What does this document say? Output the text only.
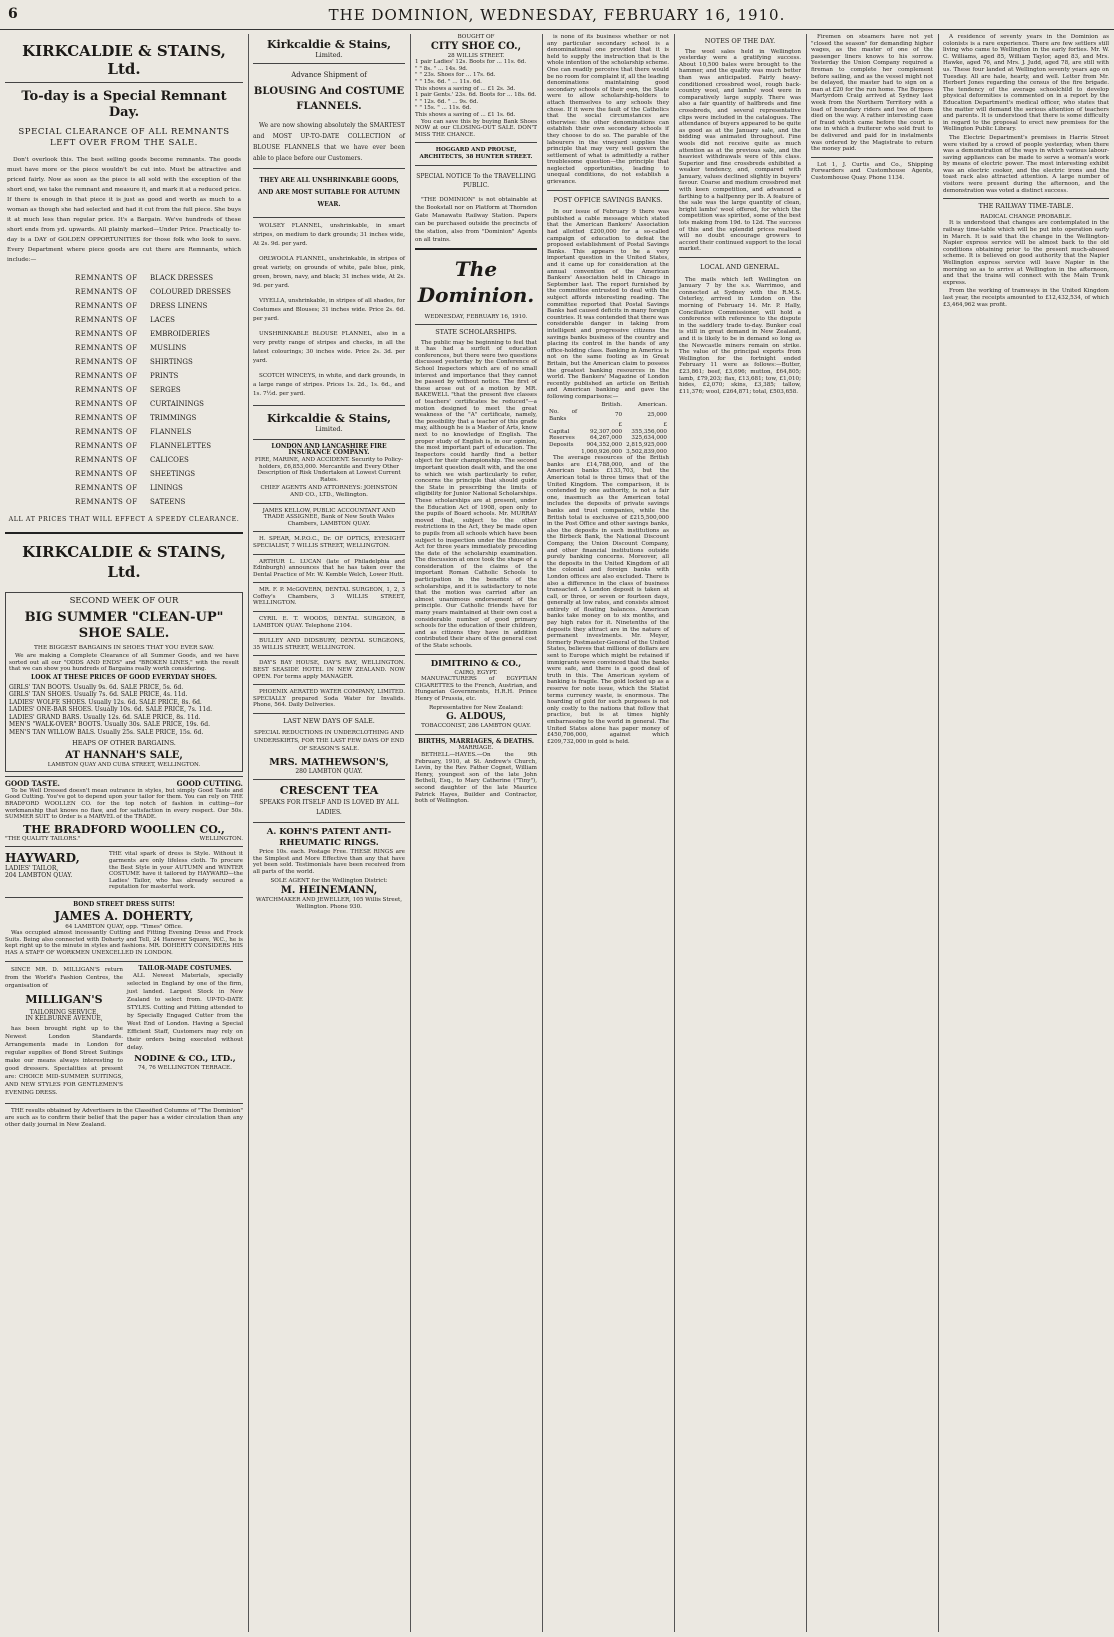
6	THE DOMINION, WEDNESDAY, FEBRUARY 16, 1910.
KIRKCALDIE & STAINS, Ltd.
To-day is a Special Remnant Day.
SPECIAL CLEARANCE OF ALL REMNANTS LEFT OVER FROM THE SALE.

Don't overlook this. The best selling goods become remnants. The goods must have more or the piece wouldn't be cut into. Must be attractive and priced fairly. Now as soon as the piece is all sold with the exception of the short end, we take the remnant and measure it, and mark it at a reduced price. If there is enough in that piece it is just as good and worth as much to a woman as though she had selected and had it cut from the full piece. She buys it at much less than regular price. It's a Bargain. We've hundreds of these short ends from yd. upwards. All plainly marked—Under Price. Practically to-day is a DAY of GOLDEN OPPORTUNITIES for those folk who look to save. Every Department where piece goods are cut there are Remnants, which include:—

REMNANTS OF	BLACK DRESSES
REMNANTS OF	COLOURED DRESSES
REMNANTS OF	DRESS LINENS
REMNANTS OF	LACES
REMNANTS OF	EMBROIDERIES
REMNANTS OF	MUSLINS
REMNANTS OF	SHIRTINGS
REMNANTS OF	PRINTS
REMNANTS OF	SERGES
REMNANTS OF	CURTAININGS
REMNANTS OF	TRIMMINGS
REMNANTS OF	FLANNELS
REMNANTS OF	FLANNELETTES
REMNANTS OF	CALICOES
REMNANTS OF	SHEETINGS
REMNANTS OF	LININGS
REMNANTS OF	SATEENS
ALL AT PRICES THAT WILL EFFECT A SPEEDY CLEARANCE.
KIRKCALDIE & STAINS, Ltd.
SECOND WEEK OF OUR
BIG SUMMER "CLEAN-UP" SHOE SALE.
THE BIGGEST BARGAINS IN SHOES THAT YOU EVER SAW.

We are making a Complete Clearance of all Summer Goods, and we have sorted out all our "ODDS AND ENDS" and "BROKEN LINES," with the result that we can show you hundreds of Bargains really worth considering.

LOOK AT THESE PRICES OF GOOD EVERYDAY SHOES.
GIRLS' TAN BOOTS. Usually 9s. 6d. SALE PRICE, 5s. 6d.
GIRLS' TAN SHOES. Usually 7s. 6d. SALE PRICE, 4s. 11d.
LADIES' WOLFE SHOES. Usually 12s. 6d. SALE PRICE, 8s. 6d.
LADIES' ONE-BAR SHOES. Usually 10s. 6d. SALE PRICE, 7s. 11d.
LADIES' GRAND BARS. Usually 12s. 6d. SALE PRICE, 8s. 11d.
MEN'S "WALK-OVER" BOOTS. Usually 30s. SALE PRICE, 19s. 6d.
MEN'S TAN WILLOW BALS. Usually 25s. SALE PRICE, 15s. 6d.
HEAPS OF OTHER BARGAINS.
AT HANNAH'S SALE,
LAMBTON QUAY AND CUBA STREET, WELLINGTON.
GOOD TASTE.	GOOD CUTTING.

To be Well Dressed doesn't mean outrance in styles, but simply Good Taste and Good Cutting. You've got to depend upon your tailor for them. You can rely on THE BRADFORD WOOLLEN CO. for the top notch of fashion in cutting—for workmanship that knows no flaw, and for satisfaction in every respect. Our 50s. SUMMER SUIT to Order is a MARVEL of the TRADE.

THE BRADFORD WOOLLEN CO.,
"THE QUALITY TAILORS."	WELLINGTON.
HAYWARD,
LADIES' TAILOR,
204 LAMBTON QUAY.

THE vital spark of dress is Style. Without it garments are only lifeless cloth. To procure the Best Style in your AUTUMN and WINTER COSTUME have it tailored by HAYWARD—the Ladies' Tailor, who has already secured a reputation for masterful work.

BOND STREET DRESS SUITS!
JAMES A. DOHERTY,
64 LAMBTON QUAY, opp. "Times" Office.

Was occupied almost incessantly Cutting and Fitting Evening Dress and Frock Suits. Being also connected with Doherty and Tell, 24 Hanover Square, W.C., he is kept right up to the minute in styles and fashions. MR. DOHERTY CONSIDERS HIS HAS A STAFF OF WORKMEN UNEXCELLED IN LONDON.

SINCE MR. D. MILLIGAN'S return from the World's Fashion Centres, the organisation of

MILLIGAN'S
TAILORING SERVICE,
IN KELBURNE AVENUE,

has been brought right up to the Newest London Standards. Arrangements made in London for regular supplies of Bond Street Suitings make our means always interesting to good dressers. Specialities at present are: CHOICE MID-SUMMER SUITINGS, AND NEW STYLES FOR GENTLEMEN'S EVENING DRESS.

TAILOR-MADE COSTUMES.

ALL Newest Materials, specially selected in England by one of the firm, just landed. Largest Stock in New Zealand to select from. UP-TO-DATE STYLES. Cutting and Fitting attended to by Specially Engaged Cutter from the West End of London. Having a Special Efficient Staff, Customers may rely on their orders being executed without delay.

NODINE & CO., LTD.,
74, 76 WELLINGTON TERRACE.

THE results obtained by Advertisers in the Classified Columns of "The Dominion" are such as to confirm their belief that the paper has a wider circulation than any other daily journal in New Zealand.

Kirkcaldie & Stains,
Limited.
Advance Shipment of
BLOUSING And COSTUME FLANNELS.

We are now showing absolutely the SMARTEST and MOST UP-TO-DATE COLLECTION of BLOUSE FLANNELS that we have ever been able to place before our Customers.

THEY ARE ALL UNSHRINKABLE GOODS, AND ARE MOST SUITABLE FOR AUTUMN WEAR.

WOLSEY FLANNEL, unshrinkable, in smart stripes, on medium to dark grounds; 31 inches wide, At 2s. 9d. per yard.

ORLWOOLA FLANNEL, unshrinkable, in stripes of great variety, on grounds of white, pale blue, pink, green, brown, navy, and black; 31 inches wide, At 2s. 9d. per yard.

VIYELLA, unshrinkable, in stripes of all shades, for Costumes and Blouses; 31 inches wide. Price 2s. 6d. per yard.

UNSHRINKABLE BLOUSE FLANNEL, also in a very pretty range of stripes and checks, in all the latest colourings; 30 inches wide. Price 2s. 3d. per yard.

SCOTCH WINCEYS, in white, and dark grounds, in a large range of stripes. Prices 1s. 2d., 1s. 6d., and 1s. 7½d. per yard.

Kirkcaldie & Stains,
Limited.
LONDON AND LANCASHIRE FIRE INSURANCE COMPANY.

FIRE, MARINE, AND ACCIDENT. Security to Policy-holders, £6,853,000. Mercantile and Every Other Description of Risk Undertaken at Lowest Current Rates.

CHIEF AGENTS AND ATTORNEYS: JOHNSTON AND CO., LTD., Wellington.

JAMES KELLOW, PUBLIC ACCOUNTANT AND TRADE ASSIGNEE, Bank of New South Wales Chambers, LAMBTON QUAY.

H. SPEAR, M.P.O.C., Dr. OF OPTICS, EYESIGHT SPECIALIST, 7 WILLIS STREET, WELLINGTON.

ARTHUR L. LUCAN (late of Philadelphia and Edinburgh) announces that he has taken over the Dental Practice of Mr. W. Kemble Welch, Lower Hutt.

MR. F. P. McGOVERN, DENTAL SURGEON, 1, 2, 3 Coffey's Chambers, 3 WILLIS STREET, WELLINGTON.

CYRIL E. T. WOODS, DENTAL SURGEON, 8 LAMBTON QUAY. Telephone 2104.

BULLEY AND DIDSBURY, DENTAL SURGEONS, 35 WILLIS STREET, WELLINGTON.

DAY'S BAY HOUSE, DAY'S BAY, WELLINGTON. BEST SEASIDE HOTEL IN NEW ZEALAND. NOW OPEN. For terms apply MANAGER.

PHOENIX AERATED WATER COMPANY, LIMITED. SPECIALLY prepared Soda Water for Invalids. Phone, 564. Daily Deliveries.

LAST NEW DAYS OF SALE.

SPECIAL REDUCTIONS IN UNDERCLOTHING AND UNDERSKIRTS, FOR THE LAST FEW DAYS OF END OF SEASON'S SALE.

MRS. MATHEWSON'S,
280 LAMBTON QUAY.
CRESCENT TEA
SPEAKS FOR ITSELF AND IS LOVED BY ALL LADIES.
A. KOHN'S PATENT ANTI-RHEUMATIC RINGS.

Price 10s. each. Postage Free. THESE RINGS are the Simplest and More Effective than any that have yet been sold. Testimonials have been received from all parts of the world.

SOLE AGENT for the Wellington District:
M. HEINEMANN,
WATCHMAKER AND JEWELLER, 105 Willis Street, Wellington. Phone 930.
BOUGHT OF
CITY SHOE CO.,
28 WILLIS STREET.
1 pair Ladies' 12s. Boots for ... 11s. 6d.
" " 8s. " ... 14s. 9d.
" " 23s. Shoes for ... 17s. 6d.
" " 15s. 6d. " ... 11s. 6d.
This shows a saving of ... £1 2s. 3d.
1 pair Gents.' 23s. 6d. Boots for ... 18s. 6d.
" " 12s. 6d. " ... 9s. 6d.
" " 15s. " ... 11s. 6d.
This shows a saving of ... £1 1s. 6d.

You can save this by buying Bank Shoes NOW at our CLOSING-OUT SALE. DON'T MISS THE CHANCE.

HOGGARD AND PROUSE, ARCHITECTS, 38 HUNTER STREET.

SPECIAL NOTICE To the TRAVELLING PUBLIC.

"THE DOMINION" is not obtainable at the Bookstall nor on Platform at Thorndon Gate Manawatu Railway Station. Papers can be purchased outside the precincts of the station, also from "Dominion" Agents on all trains.

The Dominion.
WEDNESDAY, FEBRUARY 16, 1910.
STATE SCHOLARSHIPS.

The public may be beginning to feel that it has had a surfeit of education conferences, but there were two questions discussed yesterday by the Conference of School Inspectors which are of no small interest and importance that they cannot be passed by without notice. The first of these arose out of a motion by MR. BAKEWELL "that the present five classes of teachers' certificates be reduced"—a motion designed to meet the great weakness of the "A" certificate, namely, the possibility that a teacher of this grade may, although he is a Master of Arts, know next to no knowledge of English. The proper study of English is, in our opinion, the most important part of education. The Inspectors could hardly find a better object for their championship. The second important question dealt with, and the one to which we wish particularly to refer, concerns the principle that should guide the State in prescribing the limits of eligibility for Junior National Scholarships. These scholarships are at present, under the Education Act of 1908, open only to the pupils of Board schools. Mr. MURRAY moved that, subject to the other restrictions in the Act, they be made open to pupils from all schools which have been subject to inspection under the Education Act for three years immediately preceding the date of the scholarship examination. The discussion at once took the shape of a consideration of the claims of the important Roman Catholic Schools to participation in the benefits of the scholarships, and it is satisfactory to note that the motion was carried after an almost unanimous endorsement of the principle. Our Catholic friends have for many years maintained at their own cost a considerable number of good primary schools for the education of their children, and as citizens they have in addition contributed their share of the general cost of the State schools.

DIMITRINO & CO.,
CAIRO, EGYPT.

MANUFACTURERS of EGYPTIAN CIGARETTES to the French, Austrian, and Hungarian Governments, H.R.H. Prince Henry of Prussia, etc.

Representative for New Zealand:
G. ALDOUS,
TOBACCONIST, 286 LAMBTON QUAY.
BIRTHS, MARRIAGES, & DEATHS.
MARRIAGE.

BETHELL—HAYES.—On the 9th February, 1910, at St. Andrew's Church, Levin, by the Rev. Father Cognet, William Henry, youngest son of the late John Bethell, Esq., to Mary Catherine ("Tiny"), second daughter of the late Maurice Patrick Hayes, Builder and Contractor, both of Wellington.

is none of its business whether or not any particular secondary school is a denominational one provided that it is held to supply the instruction that is the whole intention of the scholarship scheme. One can readily perceive that there would be no room for complaint if, all the leading denominations maintaining good secondary schools of their own, the State were to allow scholarship-holders to attach themselves to any schools they chose. If it were the fault of the Catholics that the social circumstances are otherwise: the other denominations can establish their own secondary schools if they choose to do so. The parable of the labourers in the vineyard supplies the principle that may very well govern the settlement of what is admittedly a rather troublesome question—the principle that neglected opportunities, leading to unequal conditions, do not establish a grievance.

POST OFFICE SAVINGS BANKS.

In our issue of February 9 there was published a cable message which stated that the American Bankers' Association had allotted £200,000 for a so-called campaign of education to defeat the proposed establishment of Postal Savings Banks. This appears to be a very important question in the United States, and it came up for consideration at the annual convention of the American Bankers' Association held in Chicago in September last. The report furnished by the committee entrusted to deal with the subject affords interesting reading. The committee reported that Postal Savings Banks had caused deficits in many foreign countries. It was contended that there was considerable danger in taking from intelligent and progressive citizens the savings banks business of the country and placing its control in the hands of any office-holding class. Banking in America is not on the same footing as in Great Britain, but the American claim to possess the greatest banking resources in the world. The Bankers' Magazine of London recently published an article on British and American banking and gave the following comparisons:—

	British.	American.
No. of Banks	70	25,000
	£	£
Capital	92,307,000	355,356,000
Reserves	64,267,000	325,634,000
Deposits	904,352,000	2,815,925,000
	1,060,926,000	3,502,839,000

The average resources of the British banks are £14,788,000, and of the American banks £133,703, but the American total is three times that of the United Kingdom. The comparison, it is contended by one authority, is not a fair one, inasmuch as the American total includes the deposits of private savings banks and trust companies, while the British total is exclusive of £215,500,000 in the Post Office and other savings banks, also the deposits in such institutions as the Birbeck Bank, the National Discount Company, the Union Discount Company, and other financial institutions outside purely banking concerns. Moreover, all the deposits in the United Kingdom of all the colonial and foreign banks with London offices are also excluded. There is also a difference in the class of business transacted. A London deposit is taken at call, or three, or seven or fourteen days, generally at low rates, and consists almost entirely of floating balances. American banks take money on to six months, and pay high rates for it. Ninetenths of the deposits they attract are in the nature of permanent investments. Mr. Meyer, formerly Postmaster-General of the United States, believes that millions of dollars are sent to Europe which might be retained if immigrants were convinced that the banks were safe, and there is a good deal of truth in this. The American system of banking is fragile. The gold locked up as a reserve for note issue, which the Statist terms currency waste, is enormous. The hoarding of gold for such purposes is not only costly to the nations that follow that practice, but is at times highly embarrassing to the world in general. The United States alone has paper money of £450,706,000, against which £209,732,000 in gold is held.

NOTES OF THE DAY.

The wool sales held in Wellington yesterday were a gratifying success. About 10,500 bales were brought to the hammer, and the quality was much better than was anticipated. Fairly heavy-conditioned crossbred wool, rough back-country wool, and lambs' wool were in comparatively large supply. There was also a fair quantity of halfbreds and fine crossbreds, and several representative clips were included in the catalogues. The attendance of buyers appeared to be quite as good as at the January sale, and the bidding was animated throughout. Fine wools did not receive quite as much attention as at the previous sale, and the heaviest withdrawals were of this class. Superior and fine crossbreds exhibited a weaker tendency, and, compared with January, values declined slightly in buyers' favour. Coarse and medium crossbred met with keen competition, and advanced a farthing to a halfpenny per lb. A feature of the sale was the large quantity of clean, bright lambs' wool offered, for which the competition was spirited, some of the best lots making from 19d. to 12d. The success of this and the splendid prices realised will no doubt encourage growers to accord their continued support to the local market.

LOCAL AND GENERAL.

The mails which left Wellington on January 7 by the s.s. Warrimoo, and connected at Sydney with the R.M.S. Osterley, arrived in London on the morning of February 14. Mr. P. Hally, Conciliation Commissioner, will hold a conference with reference to the dispute in the saddlery trade to-day. Bunker coal is still in great demand in New Zealand, and it is likely to be in demand so long as the Newcastle miners remain on strike. The value of the principal exports from Wellington for the fortnight ended February 11 were as follows:—Butter, £23,861; beef, £3,696; mutton, £64,805; lamb, £79,203; flax, £13,681; tow, £1,010; hides, £2,070; skins, £3,385; tallow, £11,376; wool, £264,871; total, £503,658.

Firemen on steamers have not yet "closed the season" for demanding higher wages, as the master of one of the passenger liners knows to his sorrow. Yesterday the Union Company required a fireman to complete her complement before sailing, and as the vessel might not be delayed, the master had to sign on a man at £20 for the run home. The Burgess Martyrdom Craig arrived at Sydney last week from the Northern Territory with a load of boundary riders and two of them died on the way. A rather interesting case of fraud which came before the court is one in which a fruiterer who sold fruit to be delivered and paid for in instalments was ordered by the Magistrate to return the money paid.

Lot 1, J. Curtis and Co., Shipping Forwarders and Customhouse Agents, Customhouse Quay. Phone 1134.

A residence of seventy years in the Dominion as colonists is a rare experience. There are few settlers still living who came to Wellington in the early forties. Mr. W. C. Williams, aged 85, William Taylor, aged 83, and Mrs. Hawke, aged 76, and Mrs. J. Judd, aged 78, are still with us. These four landed at Wellington seventy years ago on Tuesday. All are hale, hearty, and well. Letter from Mr. Herbert Jones regarding the census of the fire brigade. The tendency of the average schoolchild to develop physical deformities is commented on in a report by the Education Department's medical officer, who states that the matter will demand the serious attention of teachers and parents. It is understood that there is some difficulty in regard to the proposal to erect new premises for the Wellington Public Library.

The Electric Department's premises in Harris Street were visited by a crowd of people yesterday, when there was a demonstration of the ways in which various labour-saving appliances can be made to serve a woman's work by means of electric power. The most interesting exhibit was an electric cooker, and the electric irons and the toast rack also attracted attention. A large number of visitors were present during the afternoon, and the demonstration was voted a distinct success.

THE RAILWAY TIME-TABLE.
RADICAL CHANGE PROBABLE.

It is understood that changes are contemplated in the railway time-table which will be put into operation early in March. It is said that the change in the Wellington-Napier express service will be almost back to the old conditions obtaining prior to the present much-abused scheme. It is believed on good authority that the Napier Wellington express service will leave Napier in the morning so as to arrive at Wellington in the afternoon, and that the trains will connect with the Main Trunk express.

From the working of tramways in the United Kingdom last year, the receipts amounted to £12,432,534, of which £3,464,962 was profit.
